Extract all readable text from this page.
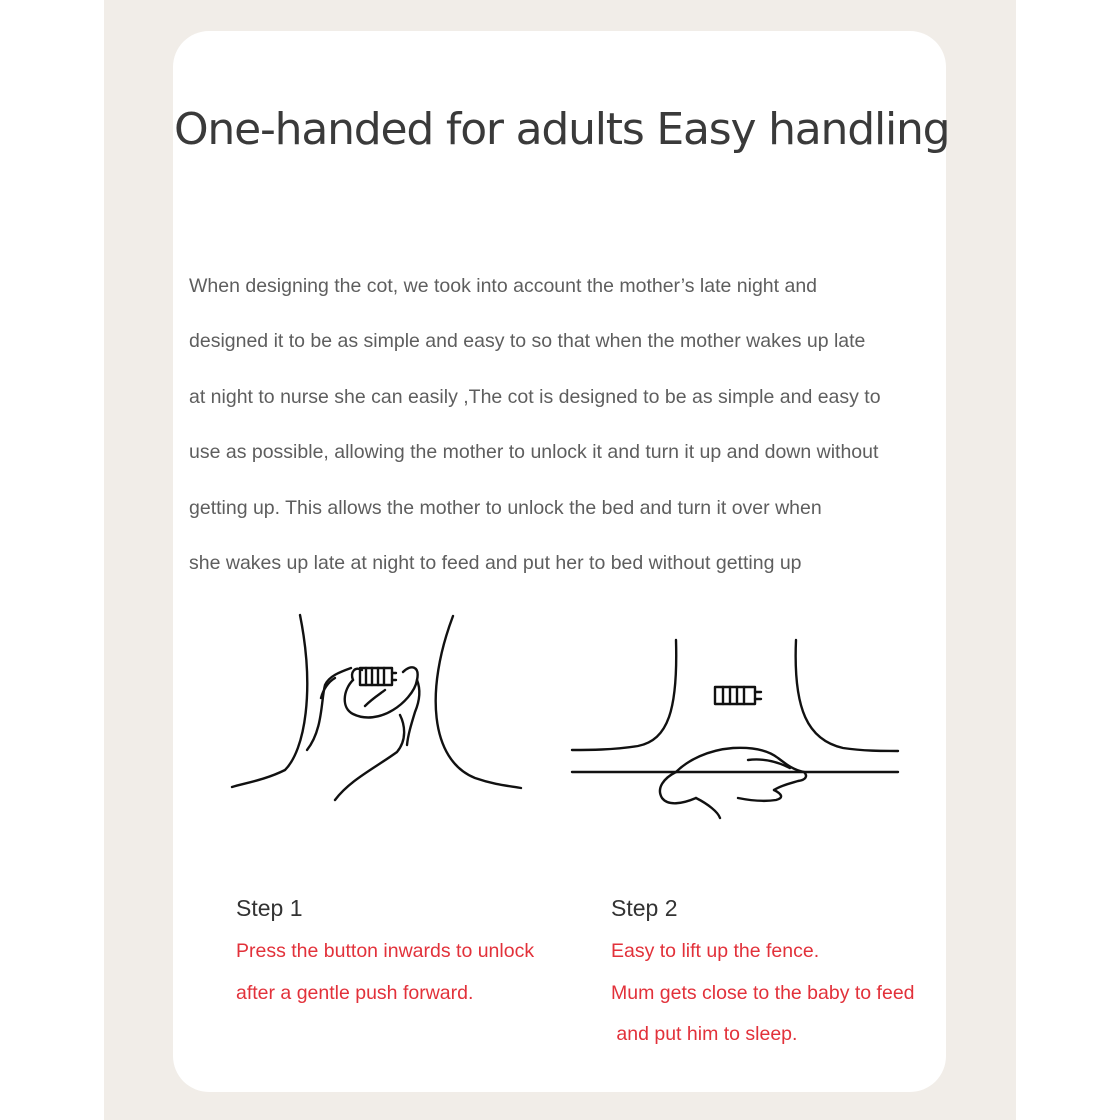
One-handed for adults Easy handling
When designing the cot, we took into account the mother’s late night and
designed it to be as simple and easy to so that when the mother wakes up late
at night to nurse she can easily ,The cot is designed to be as simple and easy to
use as possible, allowing the mother to unlock it and turn it up and down without
getting up. This allows the mother to unlock the bed and turn it over when
she wakes up late at night to feed and put her to bed without getting up
Step 1
Press the button inwards to unlock
after a gentle push forward.
Step 2
Easy to lift up the fence.
Mum gets close to the baby to feed
and put him to sleep.
